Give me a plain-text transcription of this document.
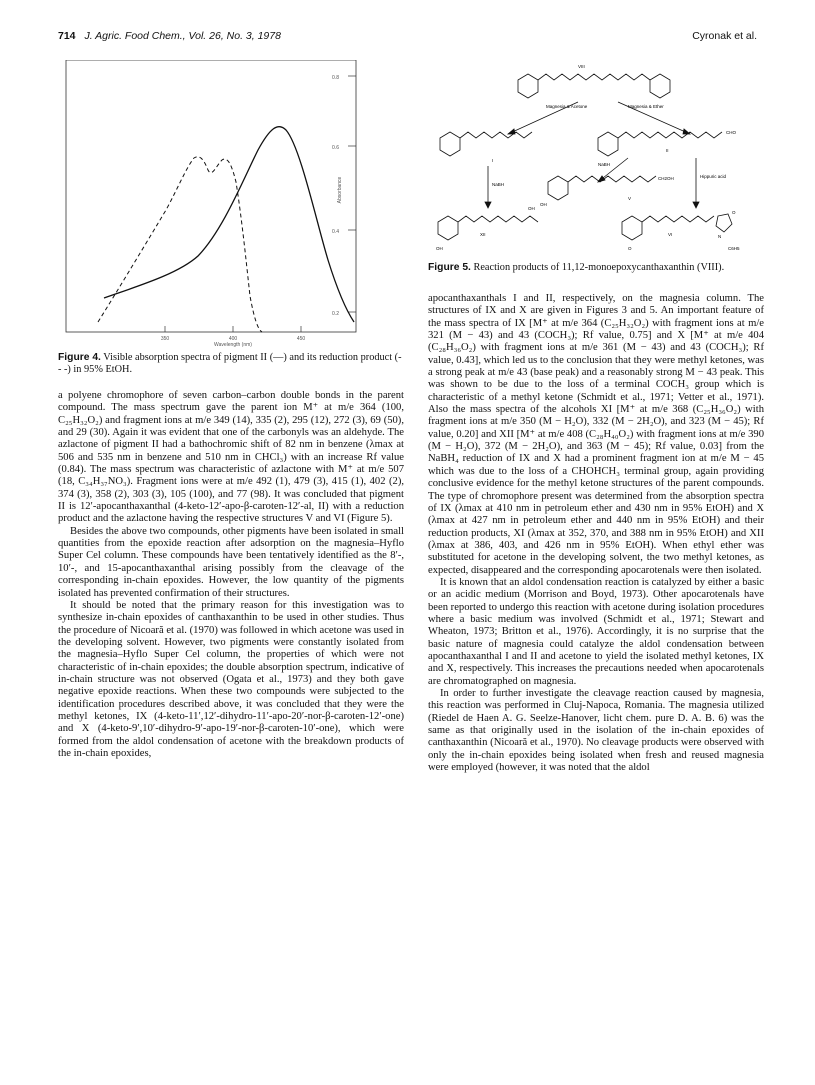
714 J. Agric. Food Chem., Vol. 26, No. 3, 1978	Cyronak et al.
0.8
0.6
0.4
0.2
Absorbance
350	400	450
Wavelength (nm)
Figure 4. Visible absorption spectra of pigment II (—) and its reduction product (- - -) in 95% EtOH.
VIII
Magnesia & Acetone	Magnesia & Ether
I
II
CHO
NaBH
NaBH
CH2OH	Hippuric acid
V
OH
OH
OH
XII	VI
O
O
N
C6H5
Figure 5. Reaction products of 11,12-monoepoxycanthaxanthin (VIII).

a polyene chromophore of seven carbon–carbon double bonds in the parent compound. The mass spectrum gave the parent ion M⁺ at m/e 364 (100, C₂₅H₃₂O₂) and fragment ions at m/e 349 (14), 335 (2), 295 (12), 272 (3), 69 (50), and 29 (30). Again it was evident that one of the carbonyls was an aldehyde. The azlactone of pigment II had a bathochromic shift of 82 nm in benzene (λmax at 506 and 535 nm in benzene and 510 nm in CHCl₃) with an increase Rf value (0.84). The mass spectrum was characteristic of azlactone with M⁺ at m/e 507 (18, C₃₄H₃₇NO₃). Fragment ions were at m/e 492 (1), 479 (3), 415 (1), 402 (2), 374 (3), 358 (2), 303 (3), 105 (100), and 77 (98). It was concluded that pigment II is 12′-apocanthaxanthal (4-keto-12′-apo-β-caroten-12′-al, II) with a reduction product and the azlactone having the respective structures V and VI (Figure 5).

Besides the above two compounds, other pigments have been isolated in small quantities from the epoxide reaction after adsorption on the magnesia–Hyflo Super Cel column. These compounds have been tentatively identified as the 8′-, 10′-, and 15-apocanthaxanthal arising possibly from the cleavage of the corresponding in-chain epoxides. However, the low quantity of the pigments isolated has prevented confirmation of their structures.

It should be noted that the primary reason for this investigation was to synthesize in-chain epoxides of canthaxanthin to be used in other studies. Thus the procedure of Nicoară et al. (1970) was followed in which acetone was used in the developing solvent. However, two pigments were constantly isolated from the magnesia–Hyflo Super Cel column, the properties of which were not characteristic of in-chain epoxides; the double absorption spectrum, indicative of in-chain structure was not observed (Ogata et al., 1973) and they both gave negative epoxide reactions. When these two compounds were subjected to the identification procedures described above, it was concluded that they were the methyl ketones, IX (4-keto-11′,12′-dihydro-11′-apo-20′-nor-β-caroten-12′-one) and X (4-keto-9′,10′-dihydro-9′-apo-19′-nor-β-caroten-10′-one), which were formed from the aldol condensation of acetone with the breakdown products of the in-chain epoxides,

apocanthaxanthals I and II, respectively, on the magnesia column. The structures of IX and X are given in Figures 3 and 5. An important feature of the mass spectra of IX [M⁺ at m/e 364 (C₂₅H₃₂O₂) with fragment ions at m/e 321 (M − 43) and 43 (COCH₃); Rf value, 0.75] and X [M⁺ at m/e 404 (C₂₈H₃₆O₂) with fragment ions at m/e 361 (M − 43) and 43 (COCH₃); Rf value, 0.43], which led us to the conclusion that they were methyl ketones, was a strong peak at m/e 43 (base peak) and a reasonably strong M − 43 peak. This was shown to be due to the loss of a terminal COCH₃ group which is characteristic of a methyl ketone (Schmidt et al., 1971; Vetter et al., 1971). Also the mass spectra of the alcohols XI [M⁺ at m/e 368 (C₂₅H₃₆O₂) with fragment ions at m/e 350 (M − H₂O), 332 (M − 2H₂O), and 323 (M − 45); Rf value, 0.20] and XII [M⁺ at m/e 408 (C₂₈H₄₀O₂) with fragment ions at m/e 390 (M − H₂O), 372 (M − 2H₂O), and 363 (M − 45); Rf value, 0.03] from the NaBH₄ reduction of IX and X had a prominent fragment ion at m/e M − 45 which was due to the loss of a CHOHCH₃ terminal group, again providing conclusive evidence for the methyl ketone structures of the parent compounds. The type of chromophore present was determined from the absorption spectra of IX (λmax at 410 nm in petroleum ether and 430 nm in 95% EtOH) and X (λmax at 427 nm in petroleum ether and 440 nm in 95% EtOH) and their reduction products, XI (λmax at 352, 370, and 388 nm in 95% EtOH) and XII (λmax at 386, 403, and 426 nm in 95% EtOH). When ethyl ether was substituted for acetone in the developing solvent, the two methyl ketones, as expected, disappeared and the corresponding apocarotenals were then isolated.

It is known that an aldol condensation reaction is catalyzed by either a basic or an acidic medium (Morrison and Boyd, 1973). Other apocarotenals have been reported to undergo this reaction with acetone during isolation procedures where a basic medium was involved (Schmidt et al., 1971; Stewart and Wheaton, 1973; Britton et al., 1976). Accordingly, it is no surprise that the basic nature of magnesia could catalyze the aldol condensation between apocanthaxanthal I and II and acetone to yield the isolated methyl ketones, IX and X, respectively. This increases the precautions needed when apocarotenals are chromatographed on magnesia.

In order to further investigate the cleavage reaction caused by magnesia, this reaction was performed in Cluj-Napoca, Romania. The magnesia utilized (Riedel de Haen A. G. Seelze-Hanover, licht chem. pure D. A. B. 6) was the same as that originally used in the isolation of the in-chain epoxides of canthaxanthin (Nicoară et al., 1970). No cleavage products were observed with only the in-chain epoxides being isolated when fresh and reused magnesia were employed (however, it was noted that the aldol
